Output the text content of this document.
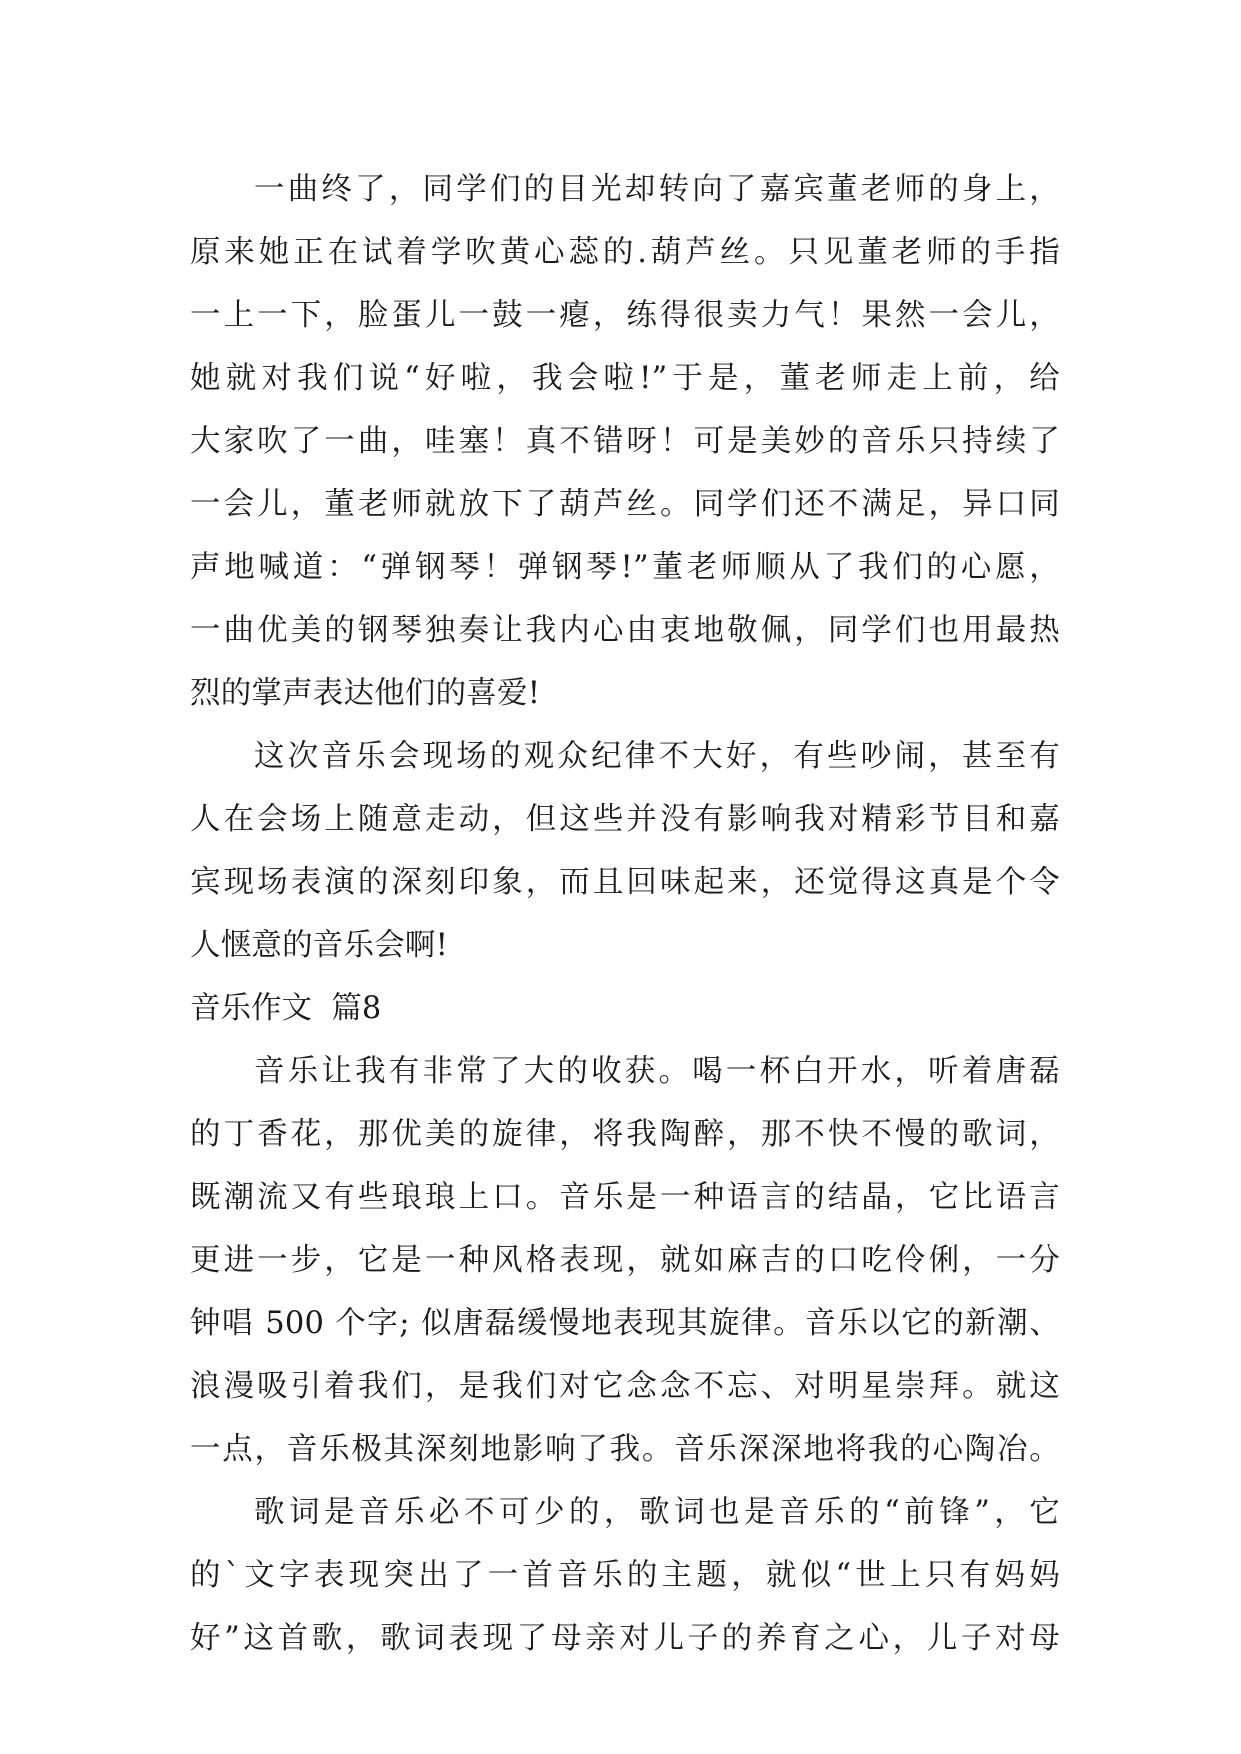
一曲终了，同学们的目光却转向了嘉宾董老师的身上，
原来她正在试着学吹黄心蕊的.葫芦丝。只见董老师的手指
一上一下，脸蛋儿一鼓一瘪，练得很卖力气！果然一会儿，
她就对我们说“好啦，我会啦!”于是，董老师走上前，给
大家吹了一曲，哇塞！真不错呀！可是美妙的音乐只持续了
一会儿，董老师就放下了葫芦丝。同学们还不满足，异口同
声地喊道：“弹钢琴！弹钢琴!”董老师顺从了我们的心愿，
一曲优美的钢琴独奏让我内心由衷地敬佩，同学们也用最热
烈的掌声表达他们的喜爱!
这次音乐会现场的观众纪律不大好，有些吵闹，甚至有
人在会场上随意走动，但这些并没有影响我对精彩节目和嘉
宾现场表演的深刻印象，而且回味起来，还觉得这真是个令
人惬意的音乐会啊!
音乐作文  篇8
音乐让我有非常了大的收获。喝一杯白开水，听着唐磊
的丁香花，那优美的旋律，将我陶醉，那不快不慢的歌词，
既潮流又有些琅琅上口。音乐是一种语言的结晶，它比语言
更进一步，它是一种风格表现，就如麻吉的口吃伶俐，一分
钟唱 500 个字; 似唐磊缓慢地表现其旋律。音乐以它的新潮、
浪漫吸引着我们，是我们对它念念不忘、对明星崇拜。就这
一点，音乐极其深刻地影响了我。音乐深深地将我的心陶冶。
歌词是音乐必不可少的，歌词也是音乐的“前锋”，它
的`文字表现突出了一首音乐的主题，就似“世上只有妈妈
好”这首歌，歌词表现了母亲对儿子的养育之心，儿子对母
